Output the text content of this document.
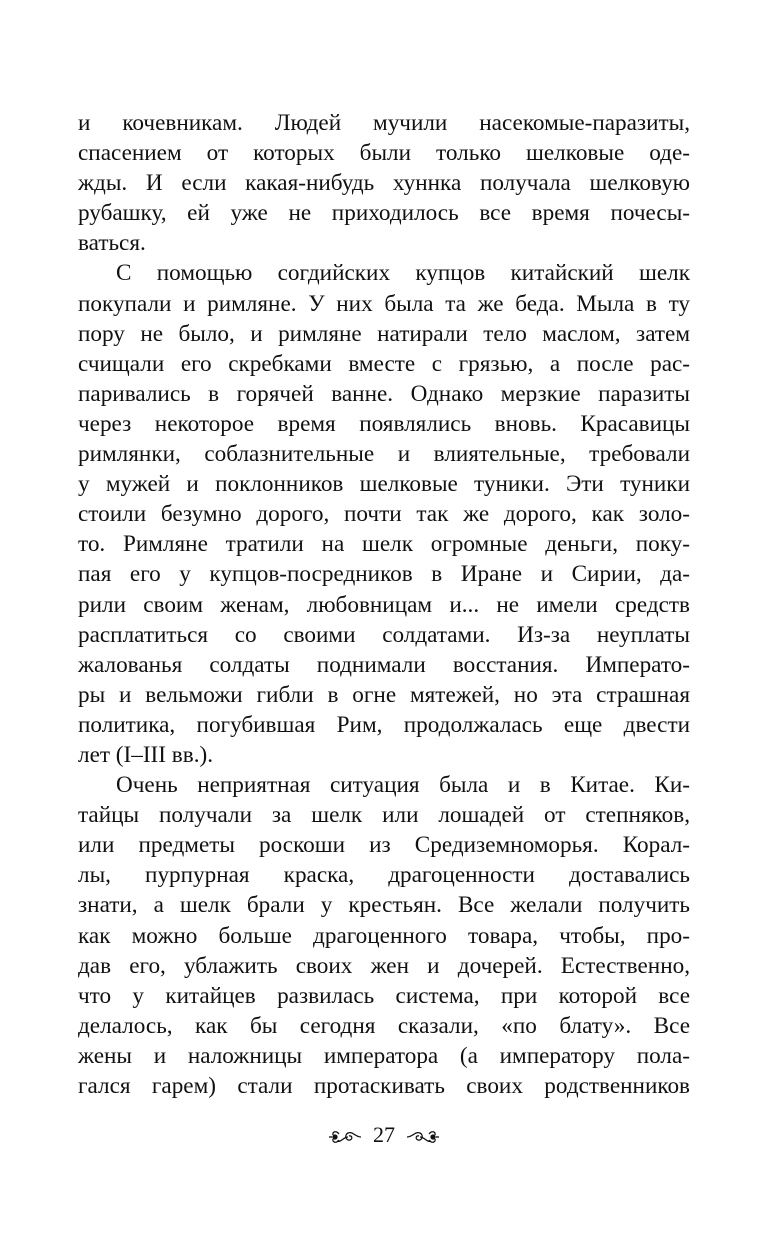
и кочевникам. Людей мучили насекомые-паразиты,
спасением от которых были только шелковые оде-
жды. И если какая-нибудь хуннка получала шелковую
рубашку, ей уже не приходилось все время почесы-
ваться.
С помощью согдийских купцов китайский шелк
покупали и римляне. У них была та же беда. Мыла в ту
пору не было, и римляне натирали тело маслом, затем
счищали его скребками вместе с грязью, а после рас-
паривались в горячей ванне. Однако мерзкие паразиты
через некоторое время появлялись вновь. Красавицы
римлянки, соблазнительные и влиятельные, требовали
у мужей и поклонников шелковые туники. Эти туники
стоили безумно дорого, почти так же дорого, как золо-
то. Римляне тратили на шелк огромные деньги, поку-
пая его у купцов-посредников в Иране и Сирии, да-
рили своим женам, любовницам и... не имели средств
расплатиться со своими солдатами. Из-за неуплаты
жалованья солдаты поднимали восстания. Императо-
ры и вельможи гибли в огне мятежей, но эта страшная
политика, погубившая Рим, продолжалась еще двести
лет (I–III вв.).
Очень неприятная ситуация была и в Китае. Ки-
тайцы получали за шелк или лошадей от степняков,
или предметы роскоши из Средиземноморья. Корал-
лы, пурпурная краска, драгоценности доставались
знати, а шелк брали у крестьян. Все желали получить
как можно больше драгоценного товара, чтобы, про-
дав его, ублажить своих жен и дочерей. Естественно,
что у китайцев развилась система, при которой все
делалось, как бы сегодня сказали, «по блату». Все
жены и наложницы императора (а императору пола-
гался гарем) стали протаскивать своих родственников
27
